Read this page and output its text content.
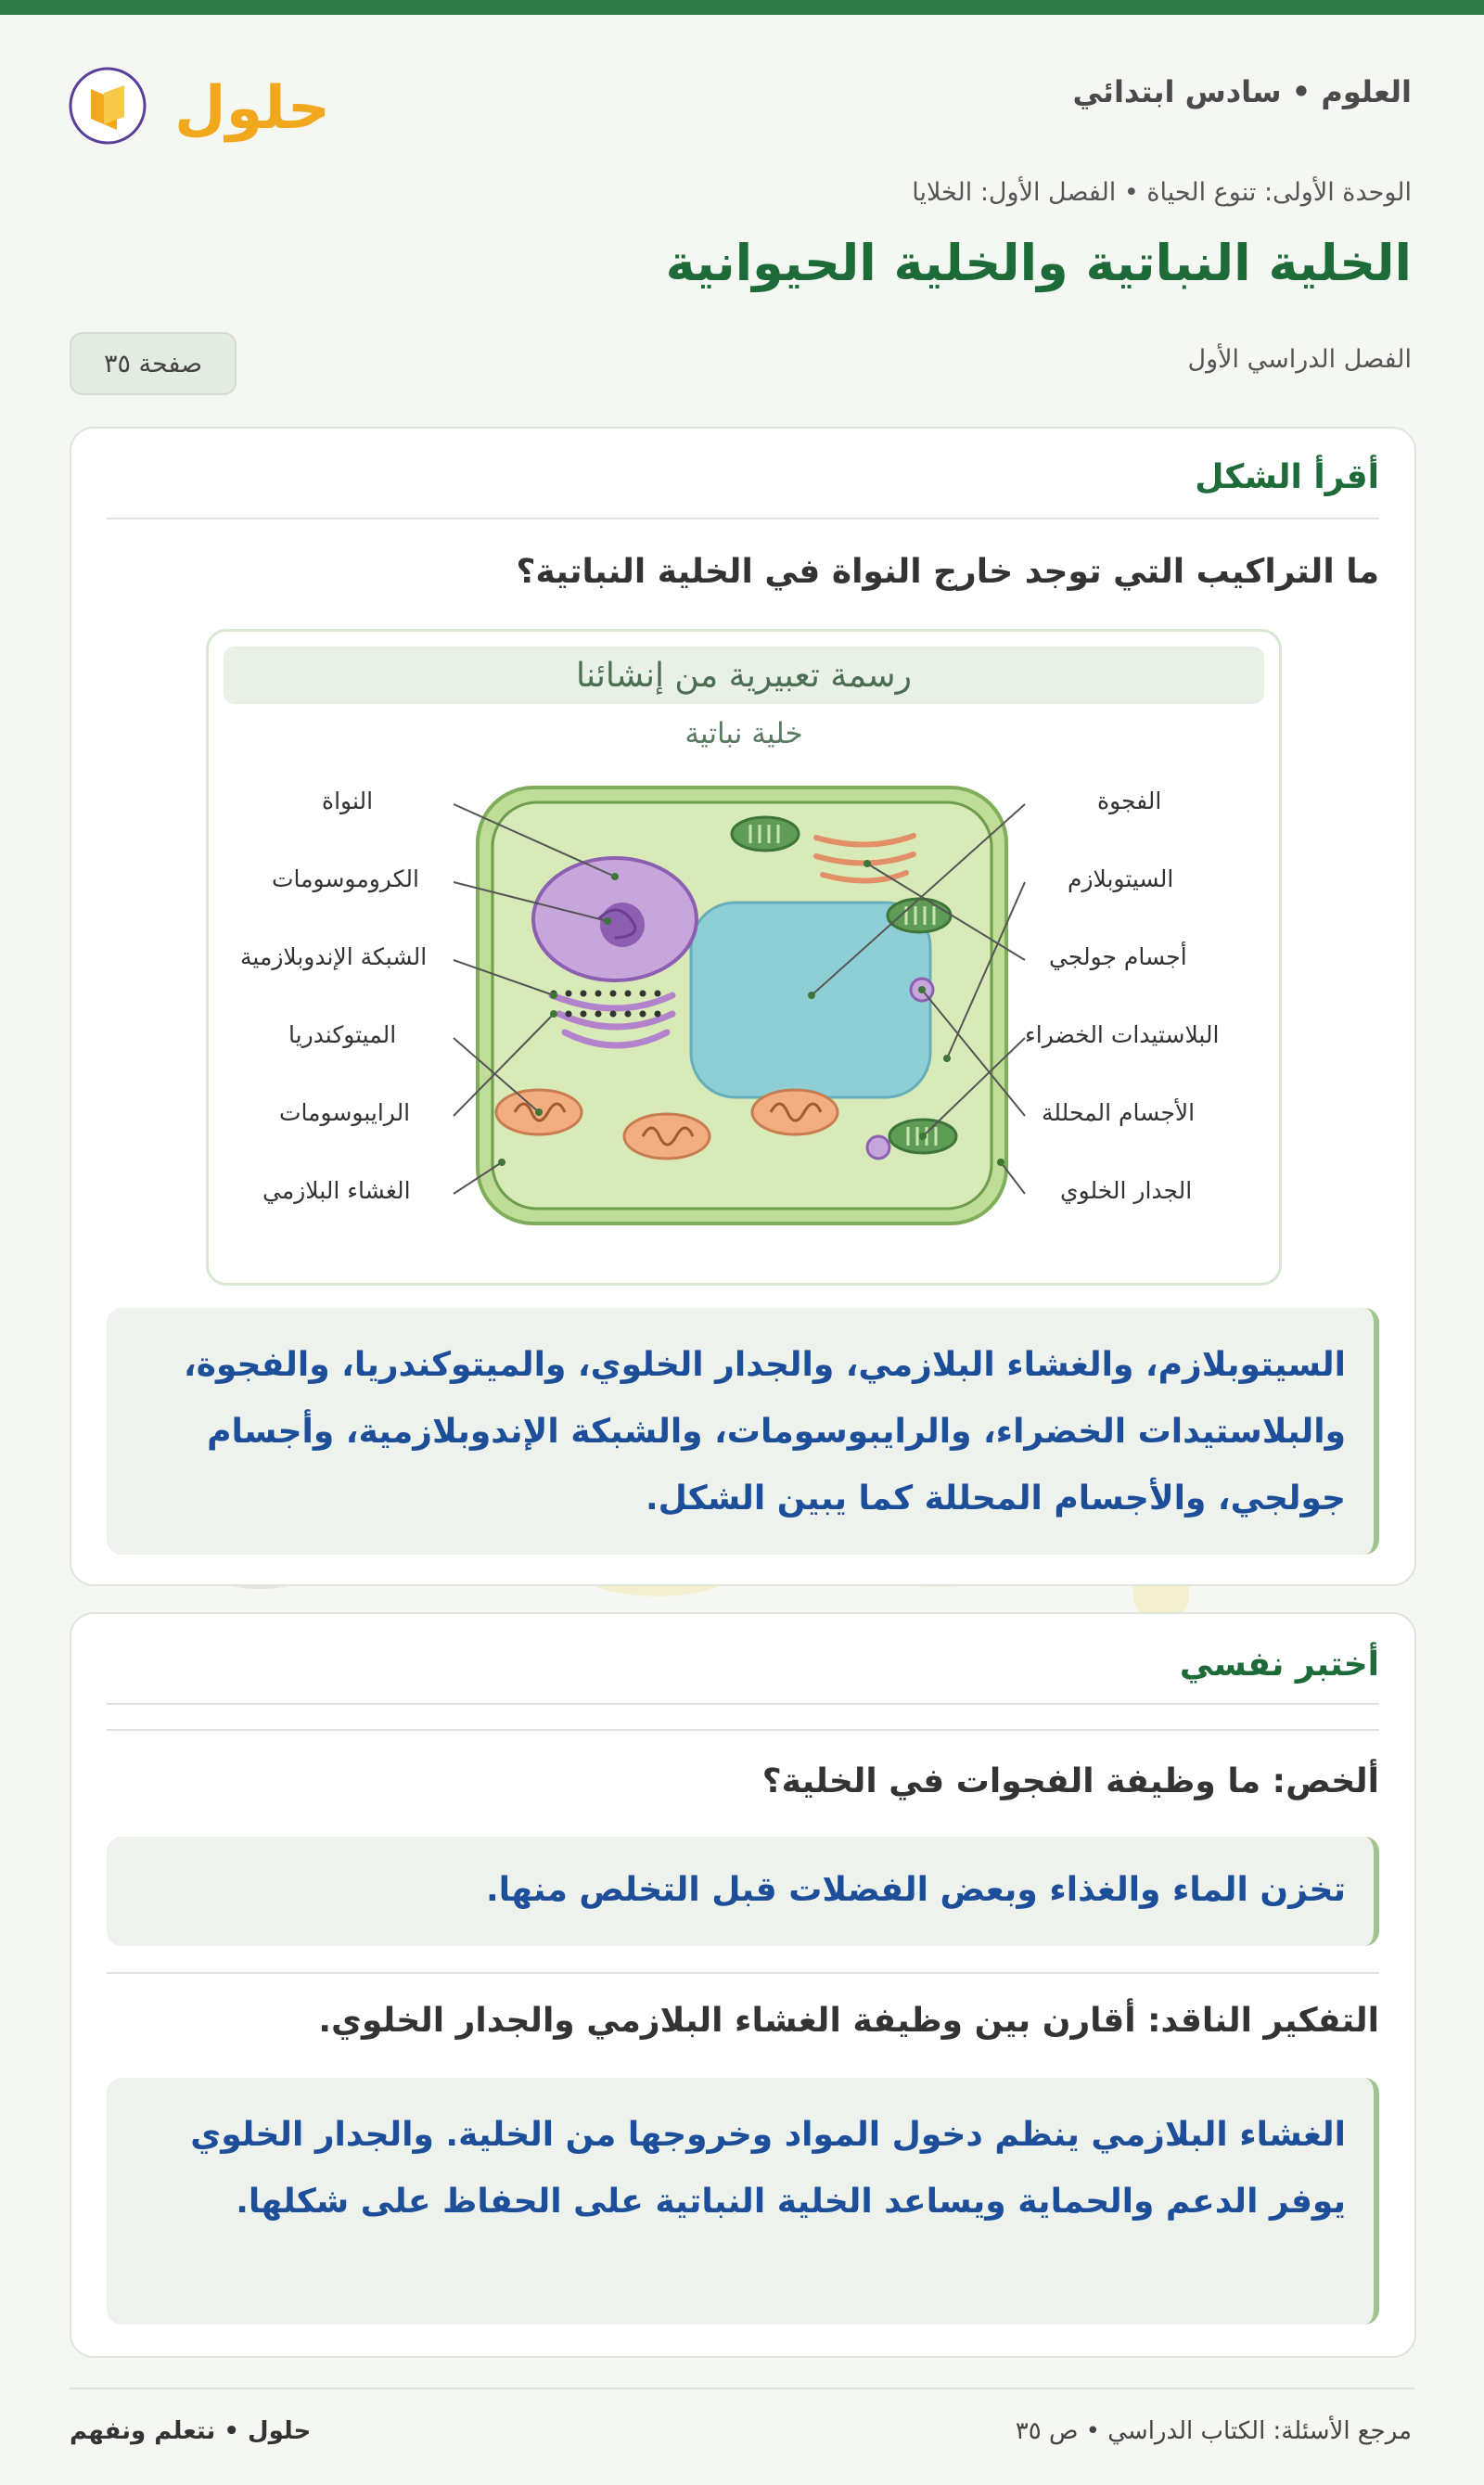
العلوم • سادس ابتدائي
حلول
الوحدة الأولى: تنوع الحياة • الفصل الأول: الخلايا
الخلية النباتية والخلية الحيوانية
الفصل الدراسي الأول
صفحة ٣٥
أقرأ الشكل
ما التراكيب التي توجد خارج النواة في الخلية النباتية؟
رسمة تعبيرية من إنشائنا
خلية نباتية
النواة
الكروموسومات
الشبكة الإندوبلازمية
الميتوكندريا
الرايبوسومات
الغشاء البلازمي
الفجوة
السيتوبلازم
أجسام جولجي
البلاستيدات الخضراء
الأجسام المحللة
الجدار الخلوي
السيتوبلازم، والغشاء البلازمي، والجدار الخلوي، والميتوكندريا، والفجوة، والبلاستيدات الخضراء، والرايبوسومات، والشبكة الإندوبلازمية، وأجسام جولجي، والأجسام المحللة كما يبين الشكل.
أختبر نفسي
ألخص: ما وظيفة الفجوات في الخلية؟
تخزن الماء والغذاء وبعض الفضلات قبل التخلص منها.
التفكير الناقد: أقارن بين وظيفة الغشاء البلازمي والجدار الخلوي.
الغشاء البلازمي ينظم دخول المواد وخروجها من الخلية. والجدار الخلوي يوفر الدعم والحماية ويساعد الخلية النباتية على الحفاظ على شكلها.
حلول • نتعلم ونفهم	مرجع الأسئلة: الكتاب الدراسي • ص ٣٥
